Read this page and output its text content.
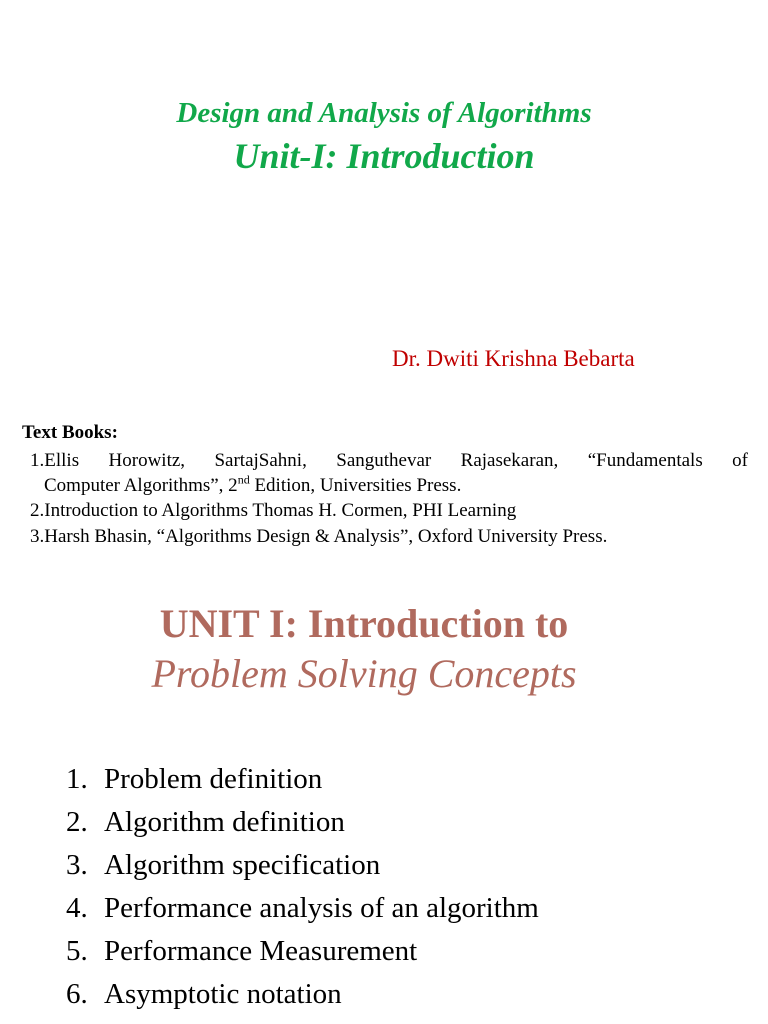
Design and Analysis of Algorithms
Unit-I: Introduction
Dr. Dwiti Krishna Bebarta
Text Books:
1.Ellis Horowitz, SartajSahni, Sanguthevar Rajasekaran, “Fundamentals of
Computer Algorithms”, 2nd Edition, Universities Press.
2.Introduction to Algorithms Thomas H. Cormen, PHI Learning
3.Harsh Bhasin, “Algorithms Design & Analysis”, Oxford University Press.
UNIT I: Introduction to
Problem Solving Concepts
1. Problem definition
2. Algorithm definition
3. Algorithm specification
4. Performance analysis of an algorithm
5. Performance Measurement
6. Asymptotic notation
